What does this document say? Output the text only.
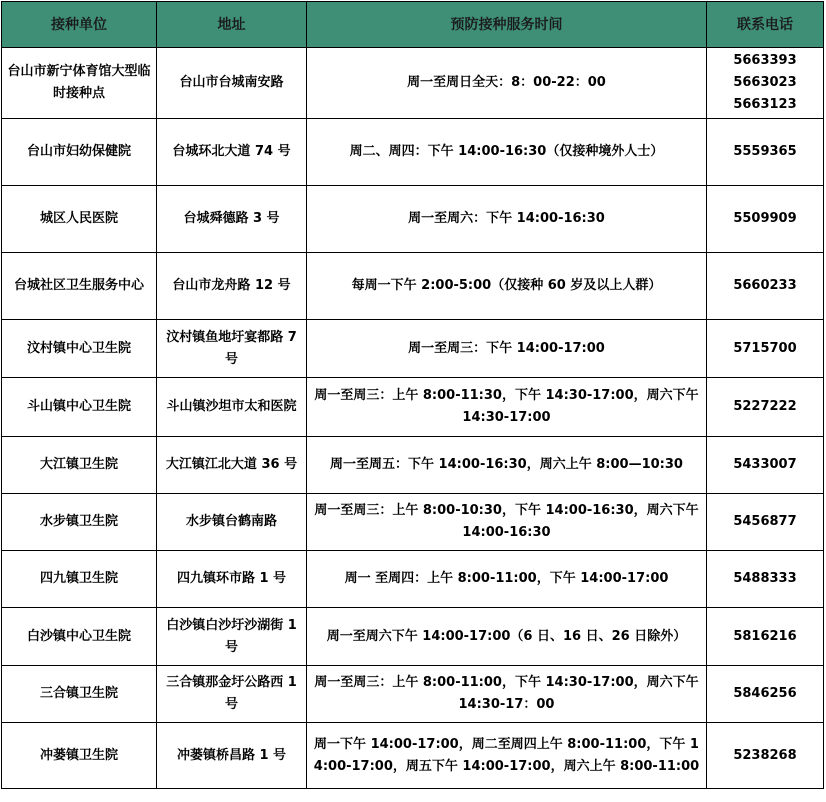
接种单位	地址	预防接种服务时间	联系电话
台山市新宁体育馆大型临时接种点	台山市台城南安路	周一至周日全天：8：00-22：00	5663393
5663023
5663123

台山市妇幼保健院	台城环北大道 74 号	周二、周四：下午 14:00-16:30（仅接种境外人士）	5559365

城区人民医院	台城舜德路 3 号	周一至周六：下午 14:00-16:30	5509909

台城社区卫生服务中心	台山市龙舟路 12 号	每周一下午 2:00-5:00（仅接种 60 岁及以上人群）	5660233

汶村镇中心卫生院	汶村镇鱼地圩宴都路 7 号	周一至周三：下午 14:00-17:00	5715700

斗山镇中心卫生院	斗山镇沙坦市太和医院	周一至周三：上午 8:00-11:30，下午 14:30-17:00，周六下午 14:30-17:00	5227222

大江镇卫生院	大江镇江北大道 36 号	周一至周五：下午 14:00-16:30，周六上午 8:00—10:30	5433007

水步镇卫生院	水步镇台鹤南路	周一至周三：上午 8:00-10:30，下午 14:00-16:30，周六下午 14:00-16:30	5456877

四九镇卫生院	四九镇环市路 1 号	周一 至周四：上午 8:00-11:00，下午 14:00-17:00	5488333

白沙镇中心卫生院	白沙镇白沙圩沙湖街 1 号	周一至周六下午 14:00-17:00（6 日、16 日、26 日除外）	5816216

三合镇卫生院	三合镇那金圩公路西 1 号	周一至周三：上午 8:00-11:00，下午 14:30-17:00，周六下午 14:30-17：00	5846256

冲蒌镇卫生院	冲蒌镇桥昌路 1 号	周一下午 14:00-17:00，周二至周四上午 8:00-11:00，下午 14:00-17:00，周五下午 14:00-17:00，周六上午 8:00-11:00	5238268
